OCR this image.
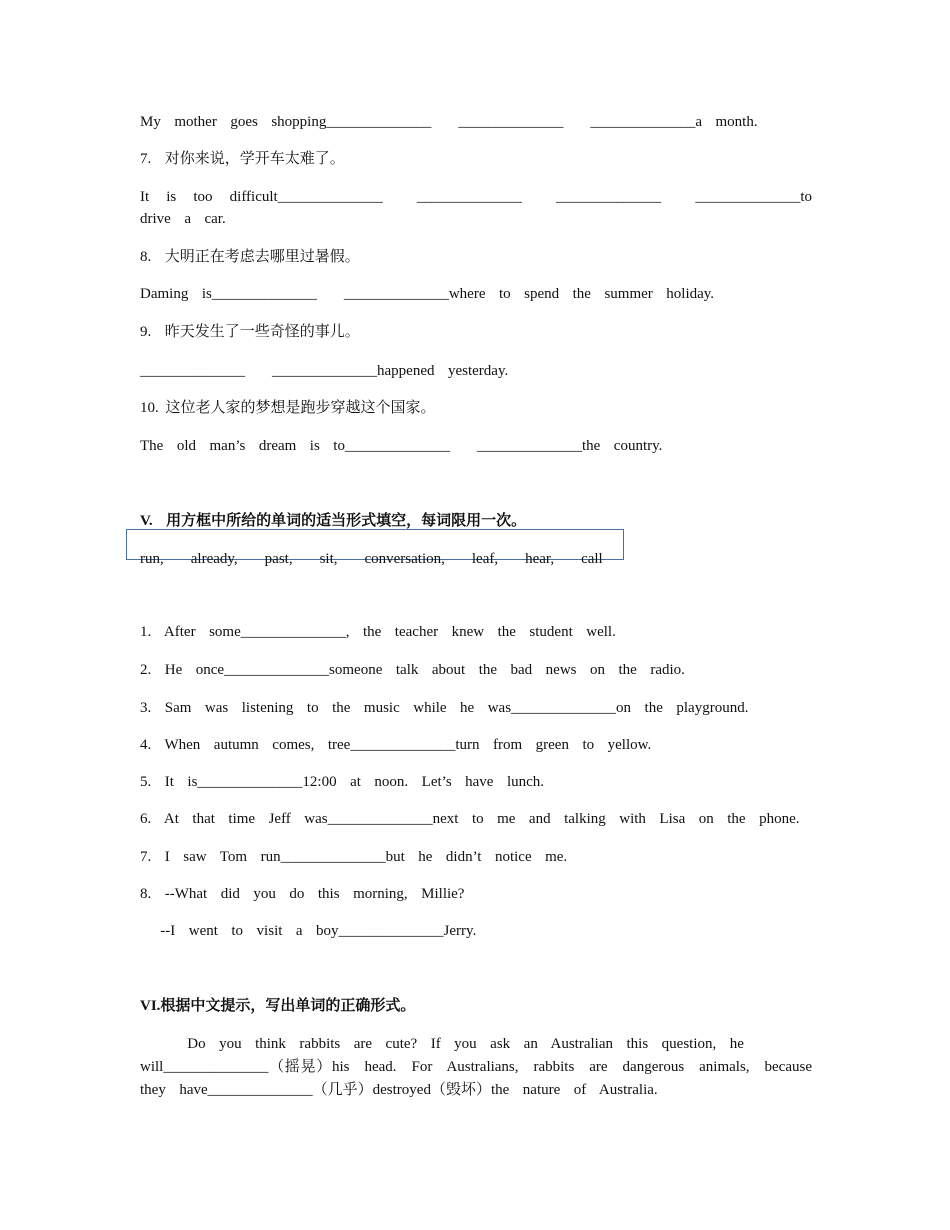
My  mother  goes  shopping______________    ______________    ______________a  month.
7.  对你来说，学开车太难了。
It  is  too  difficult______________    ______________    ______________    ______________to
drive  a  car.
8.  大明正在考虑去哪里过暑假。
Daming  is______________    ______________where  to  spend  the  summer  holiday.
9.  昨天发生了一些奇怪的事儿。
______________    ______________happened  yesterday.
10. 这位老人家的梦想是跑步穿越这个国家。
The  old  man’s  dream  is  to______________    ______________the  country.
V.  用方框中所给的单词的适当形式填空，每词限用一次。
run,    already,    past,    sit,    conversation,    leaf,    hear,    call
1.  After  some______________,  the  teacher  knew  the  student  well.
2.  He  once______________someone  talk  about  the  bad  news  on  the  radio.
3.  Sam  was  listening  to  the  music  while  he  was______________on  the  playground.
4.  When  autumn  comes,  tree______________turn  from  green  to  yellow.
5.  It  is______________12:00  at  noon.  Let’s  have  lunch.
6.  At  that  time  Jeff  was______________next  to  me  and  talking  with  Lisa  on  the  phone.
7.  I  saw  Tom  run______________but  he  didn’t  notice  me.
8.  --What  did  you  do  this  morning,  Millie?
--I  went  to  visit  a  boy______________Jerry.
VI.根据中文提示，写出单词的正确形式。
Do  you  think  rabbits  are  cute?  If  you  ask  an  Australian  this  question,  he
will______________（摇晃）his  head.  For  Australians,  rabbits  are  dangerous  animals,  because
they  have______________（几乎）destroyed（毁坏）the  nature  of  Australia.
